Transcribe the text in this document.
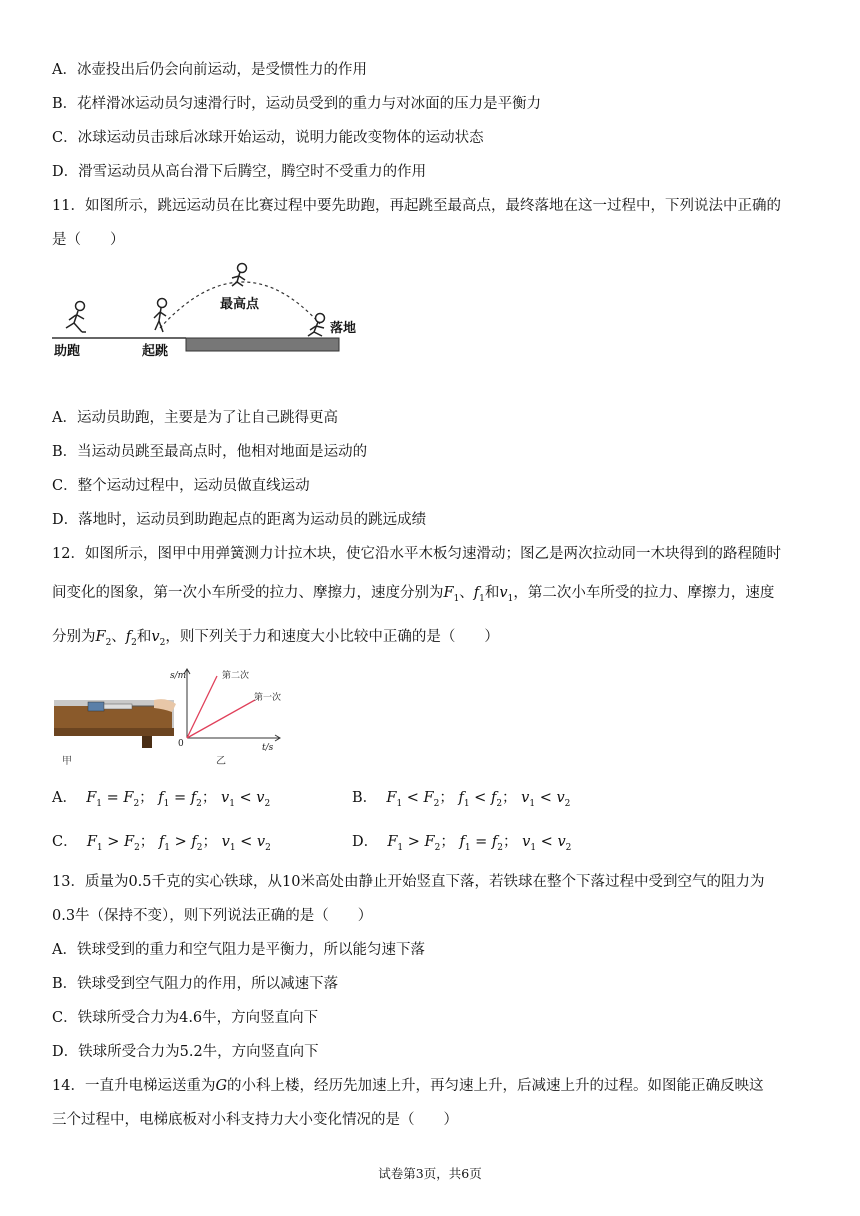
A．冰壶投出后仍会向前运动，是受惯性力的作用
B．花样滑冰运动员匀速滑行时，运动员受到的重力与对冰面的压力是平衡力
C．冰球运动员击球后冰球开始运动，说明力能改变物体的运动状态
D．滑雪运动员从高台滑下后腾空，腾空时不受重力的作用
11．如图所示，跳远运动员在比赛过程中要先助跑，再起跳至最高点，最终落地在这一过程中，下列说法中正确的
是（　　）
助跑	起跳
最高点
落地
A．运动员助跑，主要是为了让自己跳得更高
B．当运动员跳至最高点时，他相对地面是运动的
C．整个运动过程中，运动员做直线运动
D．落地时，运动员到助跑起点的距离为运动员的跳远成绩
12．如图所示，图甲中用弹簧测力计拉木块，使它沿水平木板匀速滑动；图乙是两次拉动同一木块得到的路程随时
间变化的图象，第一次小车所受的拉力、摩擦力，速度分别为$F_1$、$f_1$和$v_1$，第二次小车所受的拉力、摩擦力，速度
分别为$F_2$、$f_2$和$v_2$，则下列关于力和速度大小比较中正确的是（　　）
甲
s/m
t/s
0
第二次
第一次
乙
A． $F_1 = F_2$； $f_1 = f_2$； $v_1 < v_2$	B． $F_1 < F_2$； $f_1 < f_2$； $v_1 < v_2$
C． $F_1 > F_2$； $f_1 > f_2$； $v_1 < v_2$	D． $F_1 > F_2$； $f_1 = f_2$； $v_1 < v_2$
13．质量为0.5千克的实心铁球，从10米高处由静止开始竖直下落，若铁球在整个下落过程中受到空气的阻力为
0.3牛（保持不变），则下列说法正确的是（　　）
A．铁球受到的重力和空气阻力是平衡力，所以能匀速下落
B．铁球受到空气阻力的作用，所以减速下落
C．铁球所受合力为4.6牛，方向竖直向下
D．铁球所受合力为5.2牛，方向竖直向下
14．一直升电梯运送重为G的小科上楼，经历先加速上升，再匀速上升，后减速上升的过程。如图能正确反映这
三个过程中，电梯底板对小科支持力大小变化情况的是（　　）
试卷第3页，共6页
